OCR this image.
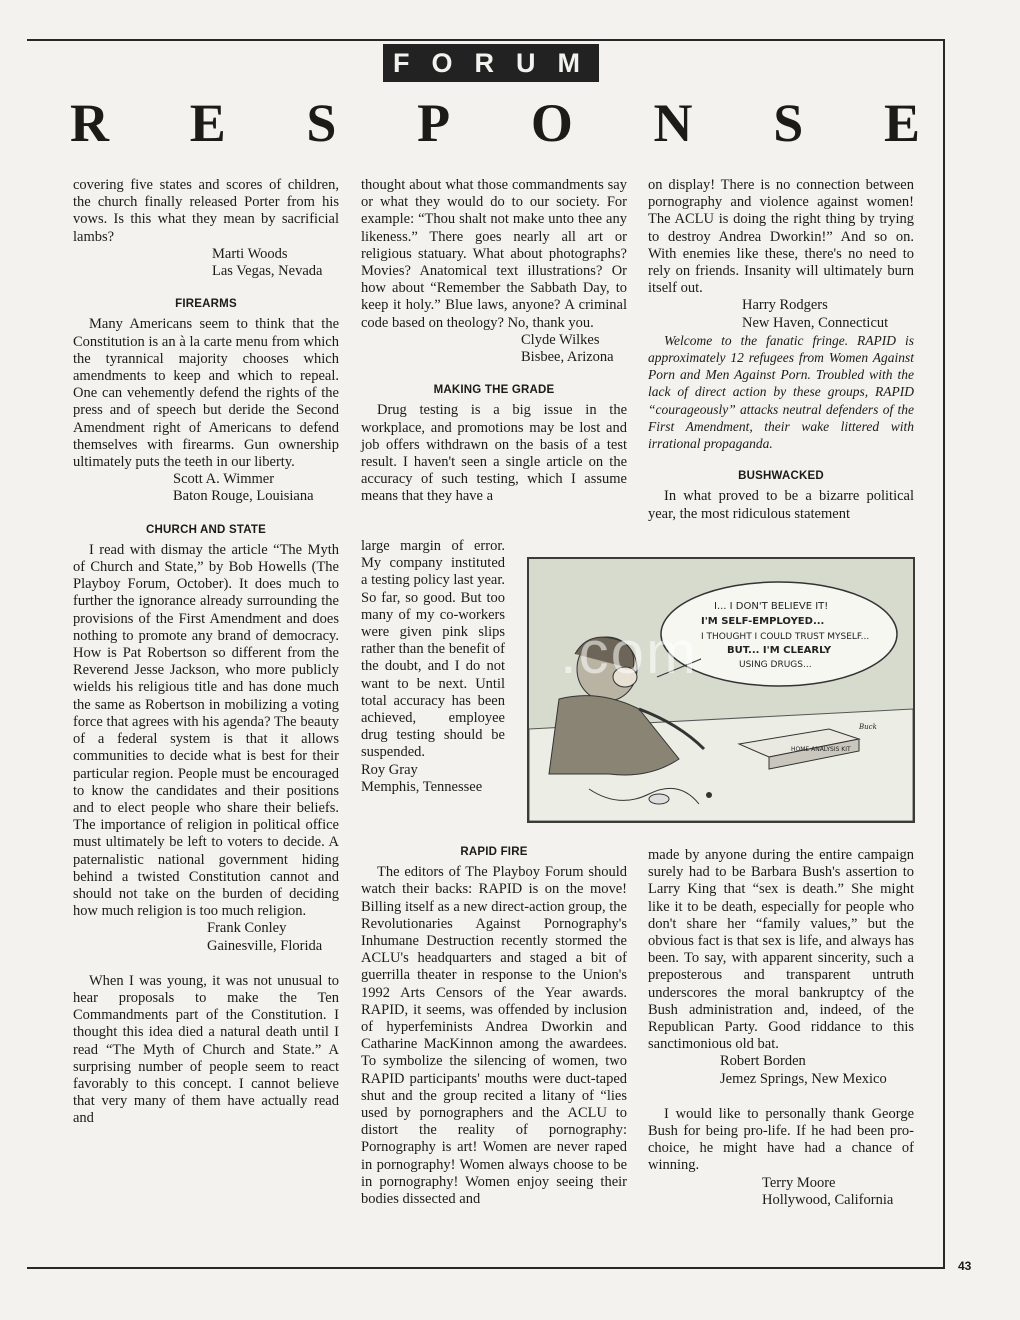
FORUM
R E S P O N S E

covering five states and scores of children, the church finally released Porter from his vows. Is this what they mean by sacrificial lambs?

Marti Woods
Las Vegas, Nevada
FIREARMS

Many Americans seem to think that the Constitution is an à la carte menu from which the tyrannical majority chooses which amendments to keep and which to repeal. One can vehemently defend the rights of the press and of speech but deride the Second Amendment right of Americans to defend themselves with firearms. Gun ownership ultimately puts the teeth in our liberty.

Scott A. Wimmer
Baton Rouge, Louisiana
CHURCH AND STATE

I read with dismay the article “The Myth of Church and State,” by Bob Howells (The Playboy Forum, October). It does much to further the ignorance already surrounding the provisions of the First Amendment and does nothing to promote any brand of democracy. How is Pat Robertson so different from the Reverend Jesse Jackson, who more publicly wields his religious title and has done much the same as Robertson in mobilizing a voting force that agrees with his agenda? The beauty of a federal system is that it allows communities to decide what is best for their particular region. People must be encouraged to know the candidates and their positions and to elect people who share their beliefs. The importance of religion in political office must ultimately be left to voters to decide. A paternalistic national government hiding behind a twisted Constitution cannot and should not take on the burden of deciding how much religion is too much religion.

Frank Conley
Gainesville, Florida

When I was young, it was not unusual to hear proposals to make the Ten Commandments part of the Constitution. I thought this idea died a natural death until I read “The Myth of Church and State.” A surprising number of people seem to react favorably to this concept. I cannot believe that very many of them have actually read and

thought about what those commandments say or what they would do to our society. For example: “Thou shalt not make unto thee any likeness.” There goes nearly all art or religious statuary. What about photographs? Movies? Anatomical text illustrations? Or how about “Remember the Sabbath Day, to keep it holy.” Blue laws, anyone? A criminal code based on theology? No, thank you.

Clyde Wilkes
Bisbee, Arizona
MAKING THE GRADE

Drug testing is a big issue in the workplace, and promotions may be lost and job offers withdrawn on the basis of a test result. I haven't seen a single article on the accuracy of such testing, which I assume means that they have a

large margin of error. My company instituted a testing policy last year. So far, so good. But too many of my co-workers were given pink slips rather than the benefit of the doubt, and I do not want to be next. Until total accuracy has been achieved, employee drug testing should be suspended.

Roy Gray
Memphis, Tennessee
RAPID FIRE

The editors of The Playboy Forum should watch their backs: RAPID is on the move! Billing itself as a new direct-action group, the Revolutionaries Against Pornography's Inhumane Destruction recently stormed the ACLU's headquarters and staged a bit of guerrilla theater in response to the Union's 1992 Arts Censors of the Year awards. RAPID, it seems, was offended by inclusion of hyperfeminists Andrea Dworkin and Catharine MacKinnon among the awardees. To symbolize the silencing of women, two RAPID participants' mouths were duct-taped shut and the group recited a litany of “lies used by pornographers and the ACLU to distort the reality of pornography: Pornography is art! Women are never raped in pornography! Women always choose to be in pornography! Women enjoy seeing their bodies dissected and

on display! There is no connection between pornography and violence against women! The ACLU is doing the right thing by trying to destroy Andrea Dworkin!” And so on. With enemies like these, there's no need to rely on friends. Insanity will ultimately burn itself out.

Harry Rodgers
New Haven, Connecticut

Welcome to the fanatic fringe. RAPID is approximately 12 refugees from Women Against Porn and Men Against Porn. Troubled with the lack of direct action by these groups, RAPID “courageously” attacks neutral defenders of the First Amendment, their wake littered with irrational propaganda.

BUSHWACKED

In what proved to be a bizarre political year, the most ridiculous statement

made by anyone during the entire campaign surely had to be Barbara Bush's assertion to Larry King that “sex is death.” She might like it to be death, especially for people who don't share her “family values,” but the obvious fact is that sex is life, and always has been. To say, with apparent sincerity, such a preposterous and transparent untruth underscores the moral bankruptcy of the Bush administration and, indeed, of the Republican Party. Good riddance to this sanctimonious old bat.

Robert Borden
Jemez Springs, New Mexico

I would like to personally thank George Bush for being pro-life. If he had been pro-choice, he might have had a chance of winning.

Terry Moore
Hollywood, California
HOME ANALYSIS KIT
I... I DON'T BELIEVE IT!
I'M SELF-EMPLOYED...
I THOUGHT I COULD TRUST MYSELF...
BUT... I'M CLEARLY
USING DRUGS...
Buck
.com
43
